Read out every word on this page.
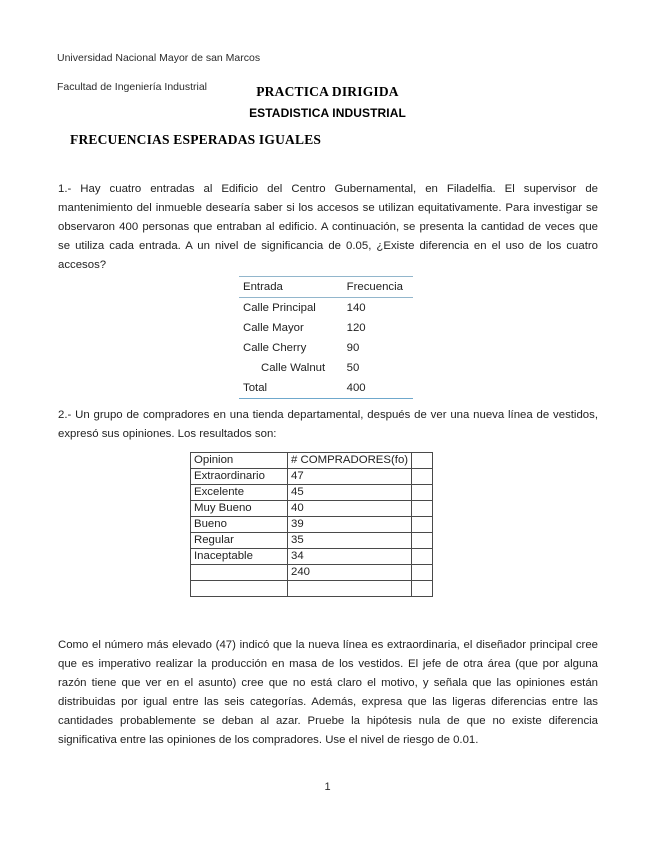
Universidad Nacional Mayor de san Marcos

Facultad de Ingeniería Industrial	PRACTICA DIRIGIDA
ESTADISTICA INDUSTRIAL
FRECUENCIAS ESPERADAS IGUALES
1.- Hay cuatro entradas al Edificio del Centro Gubernamental, en Filadelfia. El supervisor de mantenimiento del inmueble desearía saber si los accesos se utilizan equitativamente. Para investigar se observaron 400 personas que entraban al edificio. A continuación, se presenta la cantidad de veces que se utiliza cada entrada. A un nivel de significancia de 0.05, ¿Existe diferencia en el uso de los cuatro accesos?
Entrada	Frecuencia
Calle Principal	140
Calle Mayor	120
Calle Cherry	90
Calle Walnut	50
Total	400
2.- Un grupo de compradores en una tienda departamental, después de ver una nueva línea de vestidos, expresó sus opiniones. Los resultados son:
Opinion	# COMPRADORES(fo)	
Extraordinario	47	
Excelente	45	
Muy Bueno	40	
Bueno	39	
Regular	35	
Inaceptable	34	
	240	

Como el número más elevado (47) indicó que la nueva línea es extraordinaria, el diseñador principal cree que es imperativo realizar la producción en masa de los vestidos. El jefe de otra área (que por alguna razón tiene que ver en el asunto) cree que no está claro el motivo, y señala que las opiniones están distribuidas por igual entre las seis categorías. Además, expresa que las ligeras diferencias entre las cantidades probablemente se deban al azar. Pruebe la hipótesis nula de que no existe diferencia significativa entre las opiniones de los compradores. Use el nivel de riesgo de 0.01.
1
